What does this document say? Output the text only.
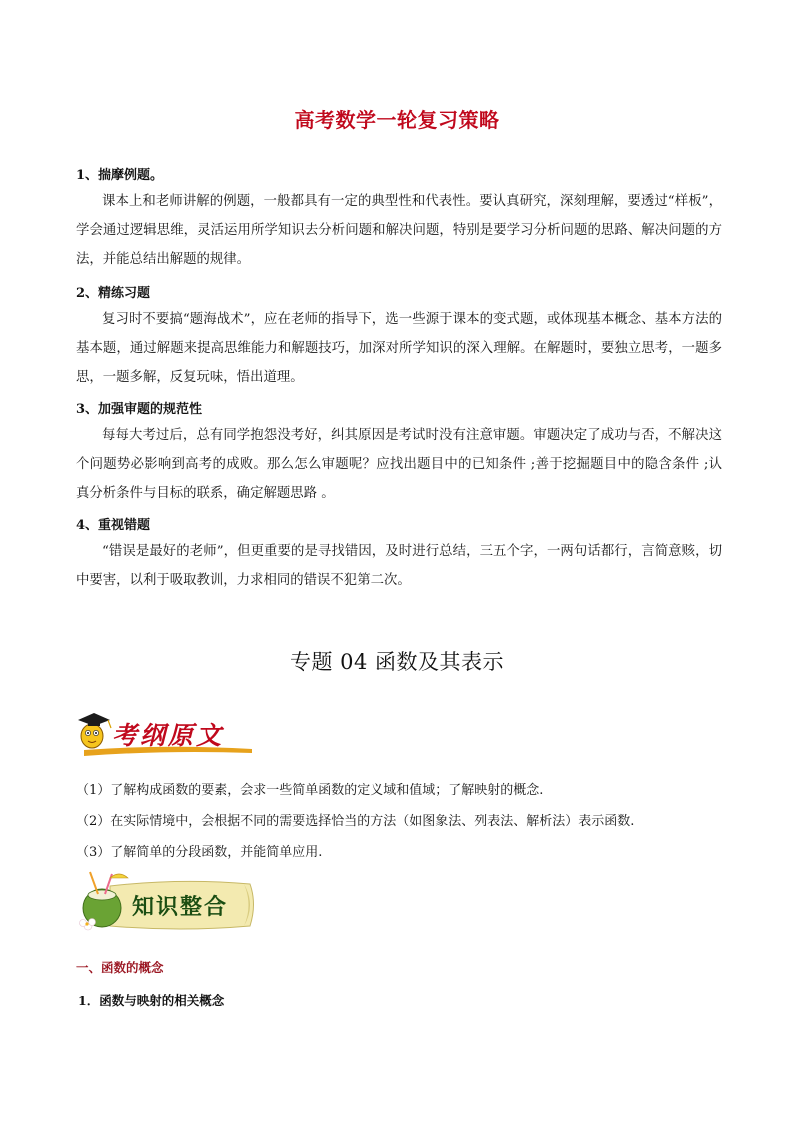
高考数学一轮复习策略
1、揣摩例题。
课本上和老师讲解的例题，一般都具有一定的典型性和代表性。要认真研究，深刻理解，要透过“样板”，学会通过逻辑思维，灵活运用所学知识去分析问题和解决问题，特别是要学习分析问题的思路、解决问题的方法，并能总结出解题的规律。
2、精练习题
复习时不要搞“题海战术”，应在老师的指导下，选一些源于课本的变式题，或体现基本概念、基本方法的基本题，通过解题来提高思维能力和解题技巧，加深对所学知识的深入理解。在解题时，要独立思考，一题多思，一题多解，反复玩味，悟出道理。
3、加强审题的规范性
每每大考过后，总有同学抱怨没考好，纠其原因是考试时没有注意审题。审题决定了成功与否，不解决这个问题势必影响到高考的成败。那么怎么审题呢？应找出题目中的已知条件 ;善于挖掘题目中的隐含条件 ;认真分析条件与目标的联系，确定解题思路 。
4、重视错题
“错误是最好的老师”，但更重要的是寻找错因，及时进行总结，三五个字，一两句话都行，言简意赅，切中要害，以利于吸取教训，力求相同的错误不犯第二次。
专题 04 函数及其表示
考纲原文
（1）了解构成函数的要素，会求一些简单函数的定义域和值域；了解映射的概念.
（2）在实际情境中，会根据不同的需要选择恰当的方法（如图象法、列表法、解析法）表示函数.
（3）了解简单的分段函数，并能简单应用.
知识整合
一、函数的概念
1．函数与映射的相关概念
